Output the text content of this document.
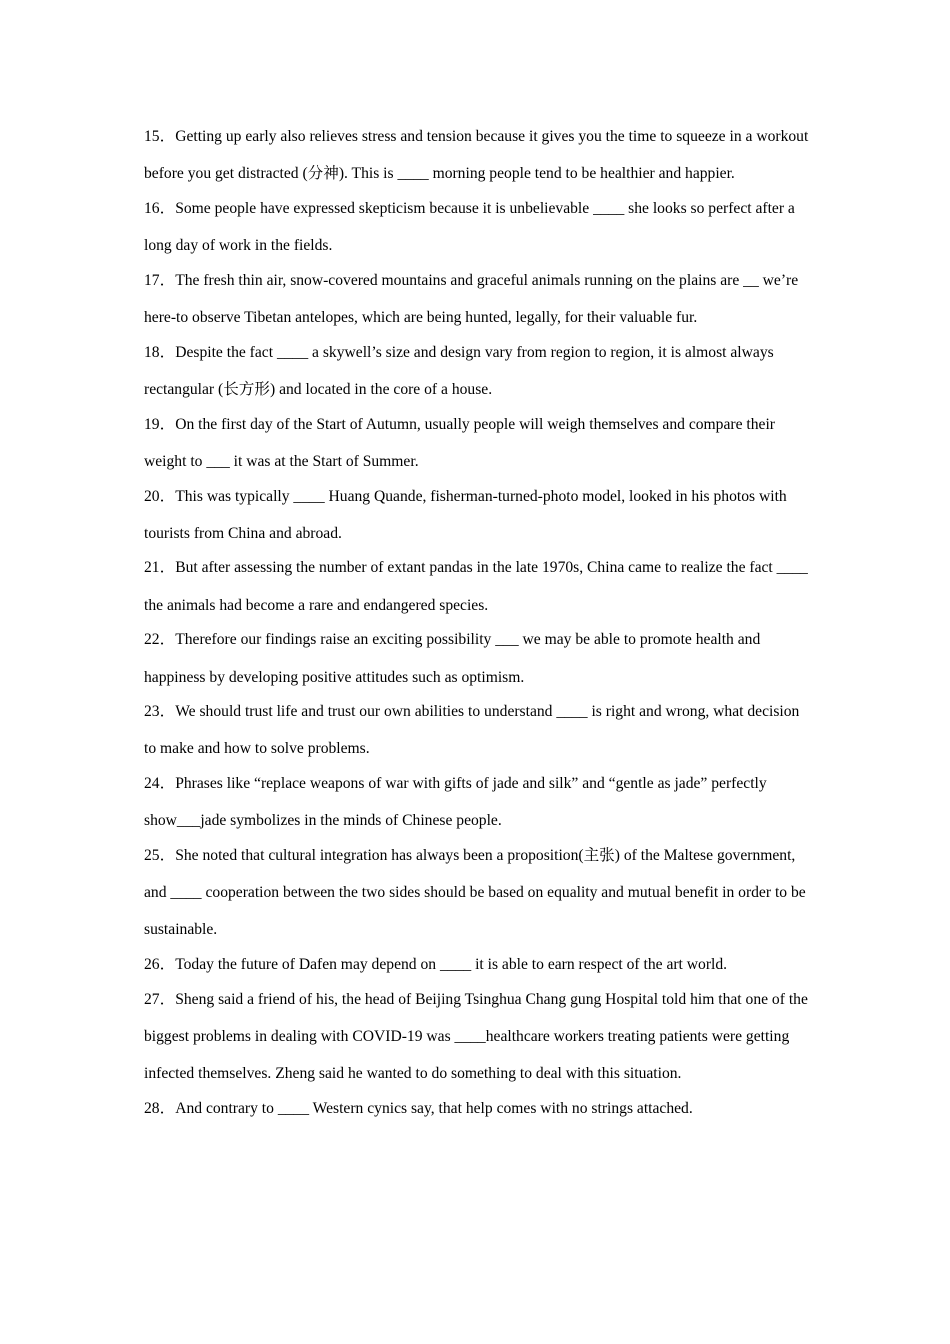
15．Getting up early also relieves stress and tension because it gives you the time to squeeze in a workout before you get distracted (分神). This is ____ morning people tend to be healthier and happier.

16．Some people have expressed skepticism because it is unbelievable ____ she looks so perfect after a long day of work in the fields.

17．The fresh thin air, snow-covered mountains and graceful animals running on the plains are __ we’re here-to observe Tibetan antelopes, which are being hunted, legally, for their valuable fur.

18．Despite the fact ____ a skywell’s size and design vary from region to region, it is almost always rectangular (长方形) and located in the core of a house.

19．On the first day of the Start of Autumn, usually people will weigh themselves and compare their weight to ___ it was at the Start of Summer.

20．This was typically ____ Huang Quande, fisherman-turned-photo model, looked in his photos with tourists from China and abroad.

21．But after assessing the number of extant pandas in the late 1970s, China came to realize the fact ____ the animals had become a rare and endangered species.

22．Therefore our findings raise an exciting possibility ___ we may be able to promote health and happiness by developing positive attitudes such as optimism.

23．We should trust life and trust our own abilities to understand ____ is right and wrong, what decision to make and how to solve problems.

24．Phrases like “replace weapons of war with gifts of jade and silk” and “gentle as jade” perfectly show___jade symbolizes in the minds of Chinese people.

25．She noted that cultural integration has always been a proposition(主张) of the Maltese government, and ____ cooperation between the two sides should be based on equality and mutual benefit in order to be sustainable.

26．Today the future of Dafen may depend on ____ it is able to earn respect of the art world.

27．Sheng said a friend of his, the head of Beijing Tsinghua Chang gung Hospital told him that one of the biggest problems in dealing with COVID-19 was ____healthcare workers treating patients were getting infected themselves. Zheng said he wanted to do something to deal with this situation.

28．And contrary to ____ Western cynics say, that help comes with no strings attached.
